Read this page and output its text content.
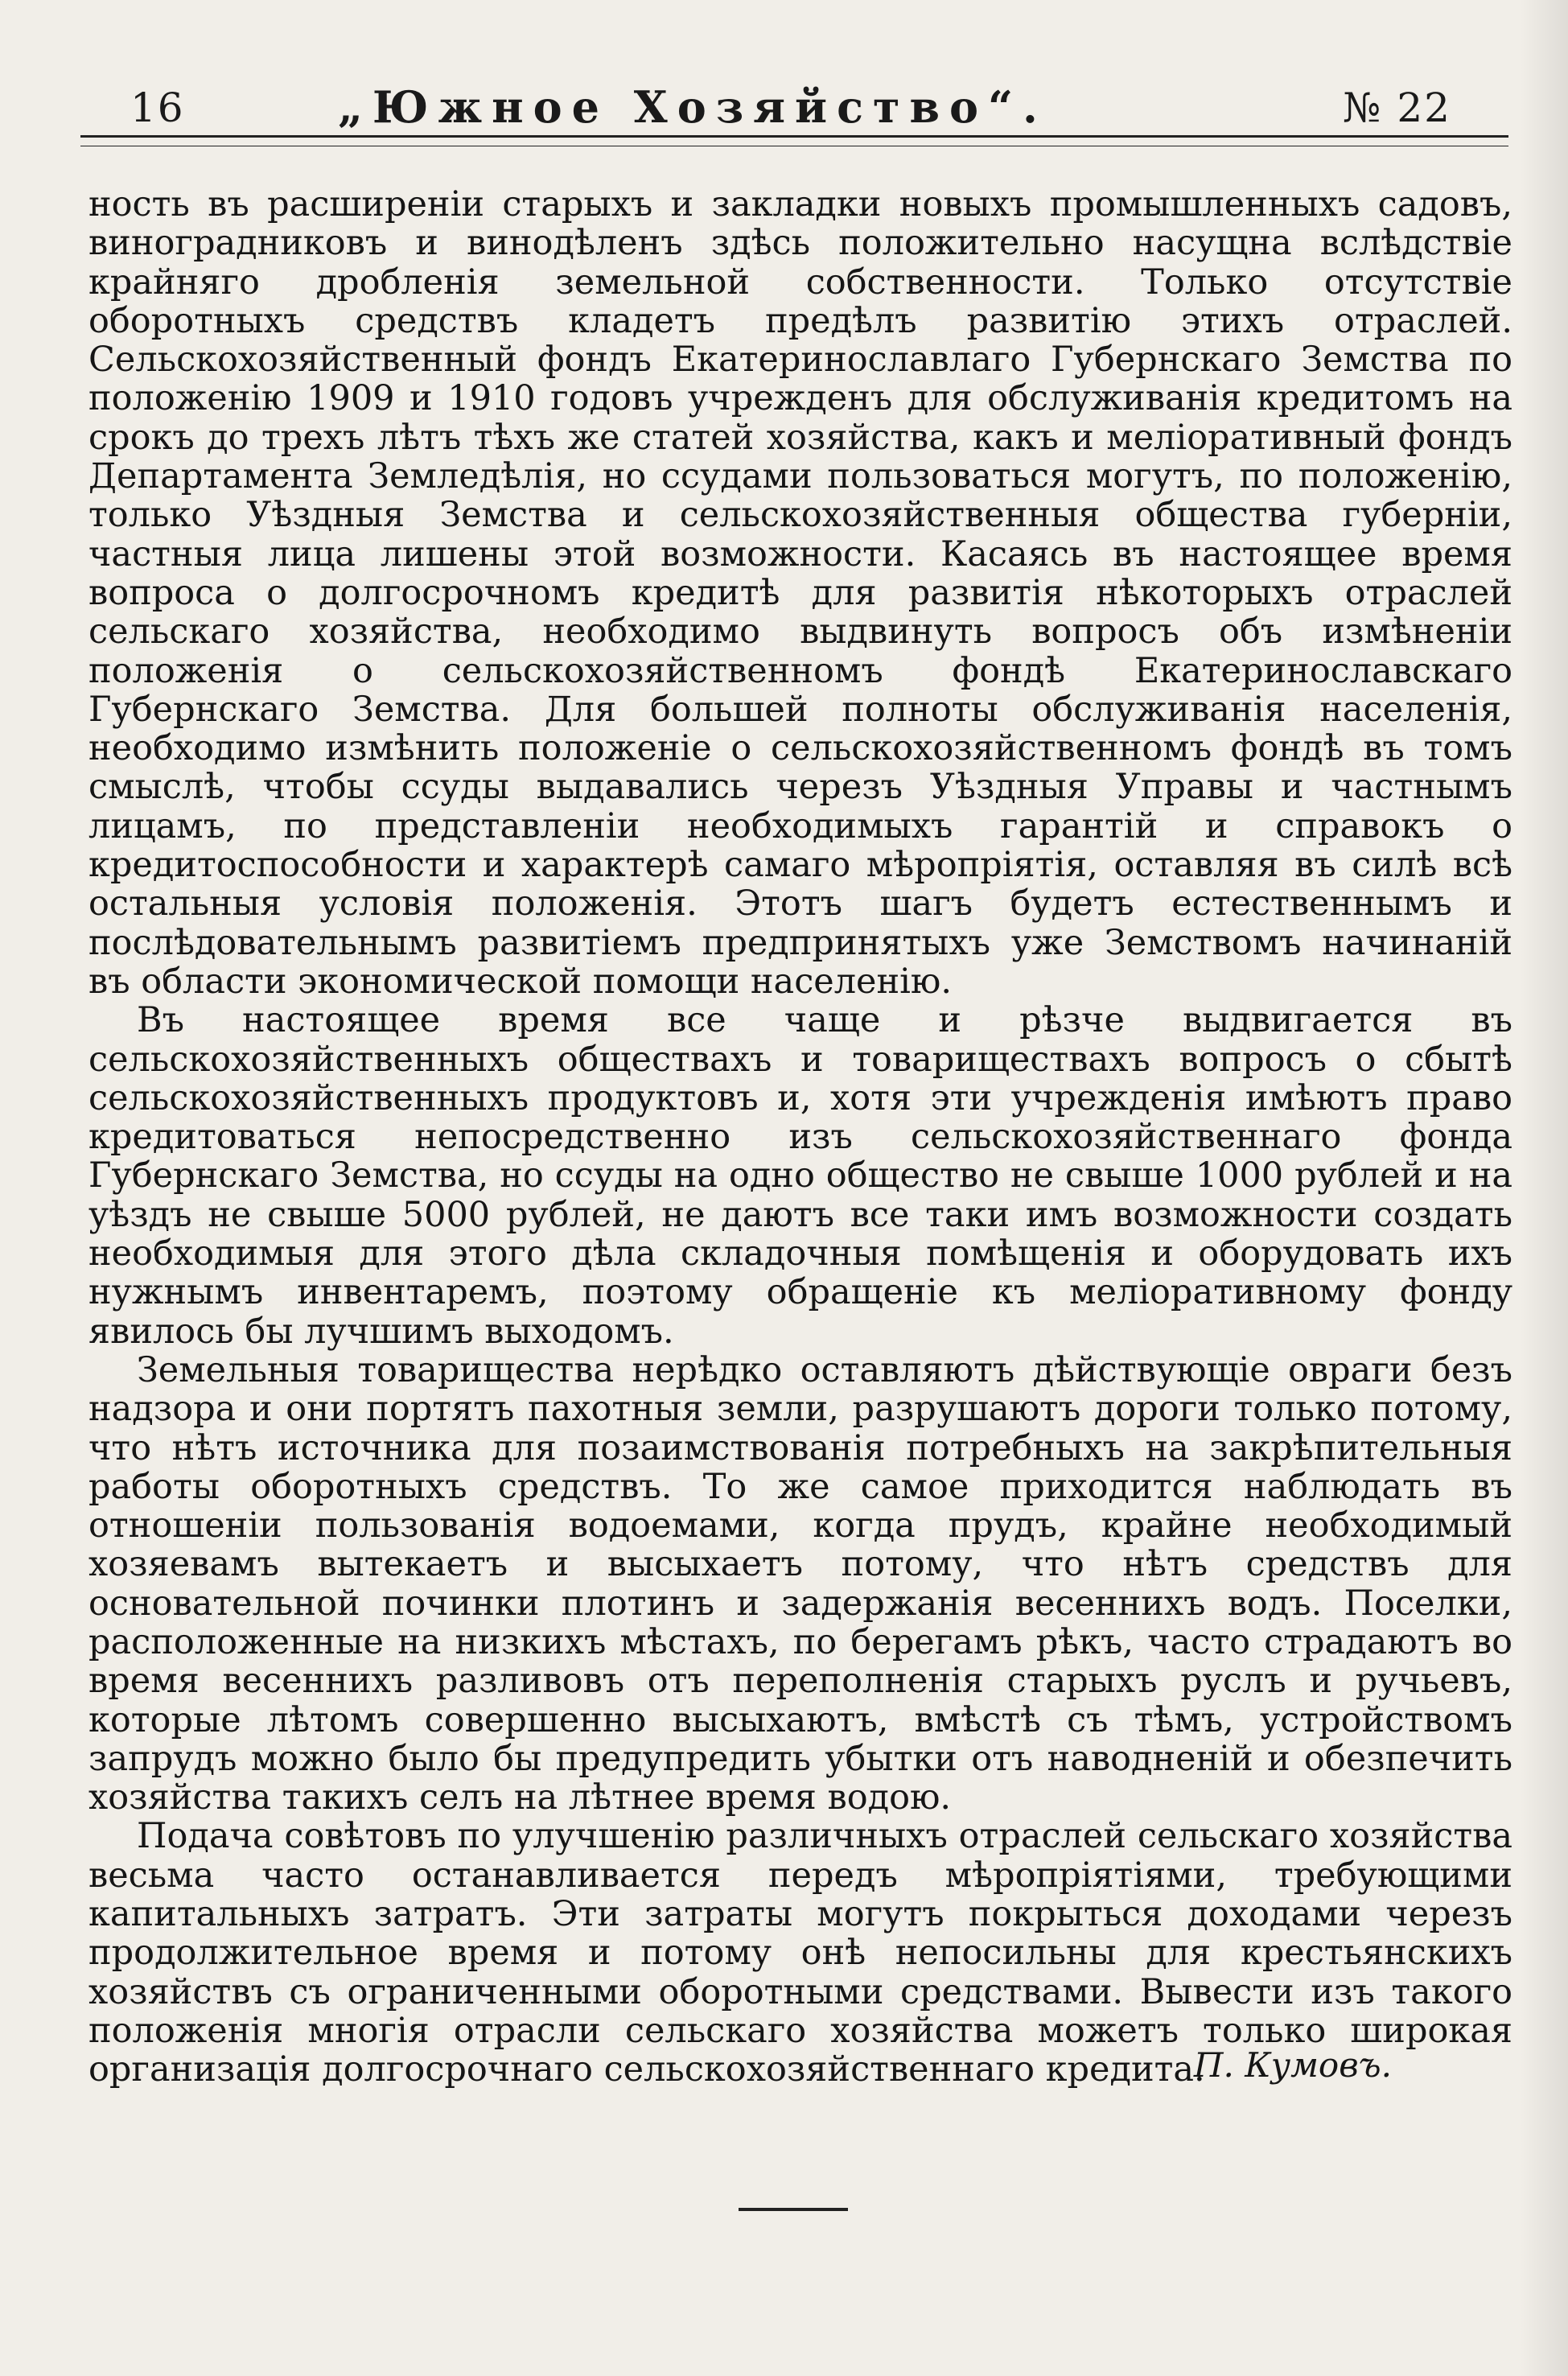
16	„Южное Хозяйство“.	№ 22

ность въ расширеніи старыхъ и закладки новыхъ промышленныхъ садовъ, виноградниковъ и винодѣленъ здѣсь положительно насущна вслѣдствіе крайняго дробленія земельной собственности. Только отсутствіе оборотныхъ средствъ кладетъ предѣлъ развитію этихъ отраслей. Сельскохозяйственный фондъ Екатеринославлаго Губернскаго Земства по положенію 1909 и 1910 годовъ учрежденъ для обслуживанія кредитомъ на срокъ до трехъ лѣтъ тѣхъ же статей хозяйства, какъ и меліоративный фондъ Департамента Земледѣлія, но ссудами пользоваться могутъ, по положенію, только Уѣздныя Земства и сельскохозяйственныя общества губерніи, частныя лица лишены этой возможности. Касаясь въ настоящее время вопроса о долгосрочномъ кредитѣ для развитія нѣкоторыхъ отраслей сельскаго хозяйства, необходимо выдвинуть вопросъ объ измѣненіи положенія о сельскохозяйственномъ фондѣ Екатеринославскаго Губернскаго Земства. Для большей полноты обслуживанія населенія, необходимо измѣнить положеніе о сельскохозяйственномъ фондѣ въ томъ смыслѣ, чтобы ссуды выдавались черезъ Уѣздныя Управы и частнымъ лицамъ, по представленіи необходимыхъ гарантій и справокъ о кредитоспособности и характерѣ самаго мѣропріятія, оставляя въ силѣ всѣ остальныя условія положенія. Этотъ шагъ будетъ естественнымъ и послѣдовательнымъ развитіемъ предпринятыхъ уже Земствомъ начинаній въ области экономической помощи населенію.

Въ настоящее время все чаще и рѣзче выдвигается въ сельскохозяйственныхъ обществахъ и товариществахъ вопросъ о сбытѣ сельскохозяйственныхъ продуктовъ и, хотя эти учрежденія имѣютъ право кредитоваться непосредственно изъ сельскохозяйственнаго фонда Губернскаго Земства, но ссуды на одно общество не свыше 1000 рублей и на уѣздъ не свыше 5000 рублей, не даютъ все таки имъ возможности создать необходимыя для этого дѣла складочныя помѣщенія и оборудовать ихъ нужнымъ инвентаремъ, поэтому обращеніе къ меліоративному фонду явилось бы лучшимъ выходомъ.

Земельныя товарищества нерѣдко оставляютъ дѣйствующіе овраги безъ надзора и они портятъ пахотныя земли, разрушаютъ дороги только потому, что нѣтъ источника для позаимствованія потребныхъ на закрѣпительныя работы оборотныхъ средствъ. То же самое приходится наблюдать въ отношеніи пользованія водоемами, когда прудъ, крайне необходимый хозяевамъ вытекаетъ и высыхаетъ потому, что нѣтъ средствъ для основательной починки плотинъ и задержанія весеннихъ водъ. Поселки, расположенные на низкихъ мѣстахъ, по берегамъ рѣкъ, часто страдаютъ во время весеннихъ разливовъ отъ переполненія старыхъ руслъ и ручьевъ, которые лѣтомъ совершенно высыхаютъ, вмѣстѣ съ тѣмъ, устройствомъ запрудъ можно было бы предупредить убытки отъ наводненій и обезпечить хозяйства такихъ селъ на лѣтнее время водою.

Подача совѣтовъ по улучшенію различныхъ отраслей сельскаго хозяйства весьма часто останавливается передъ мѣропріятіями, требующими капитальныхъ затратъ. Эти затраты могутъ покрыться доходами черезъ продолжительное время и потому онѣ непосильны для крестьянскихъ хозяйствъ съ ограниченными оборотными средствами. Вывести изъ такого положенія многія отрасли сельскаго хозяйства можетъ только широкая организація долгосрочнаго сельскохозяйственнаго кредита.

П. Кумовъ.
